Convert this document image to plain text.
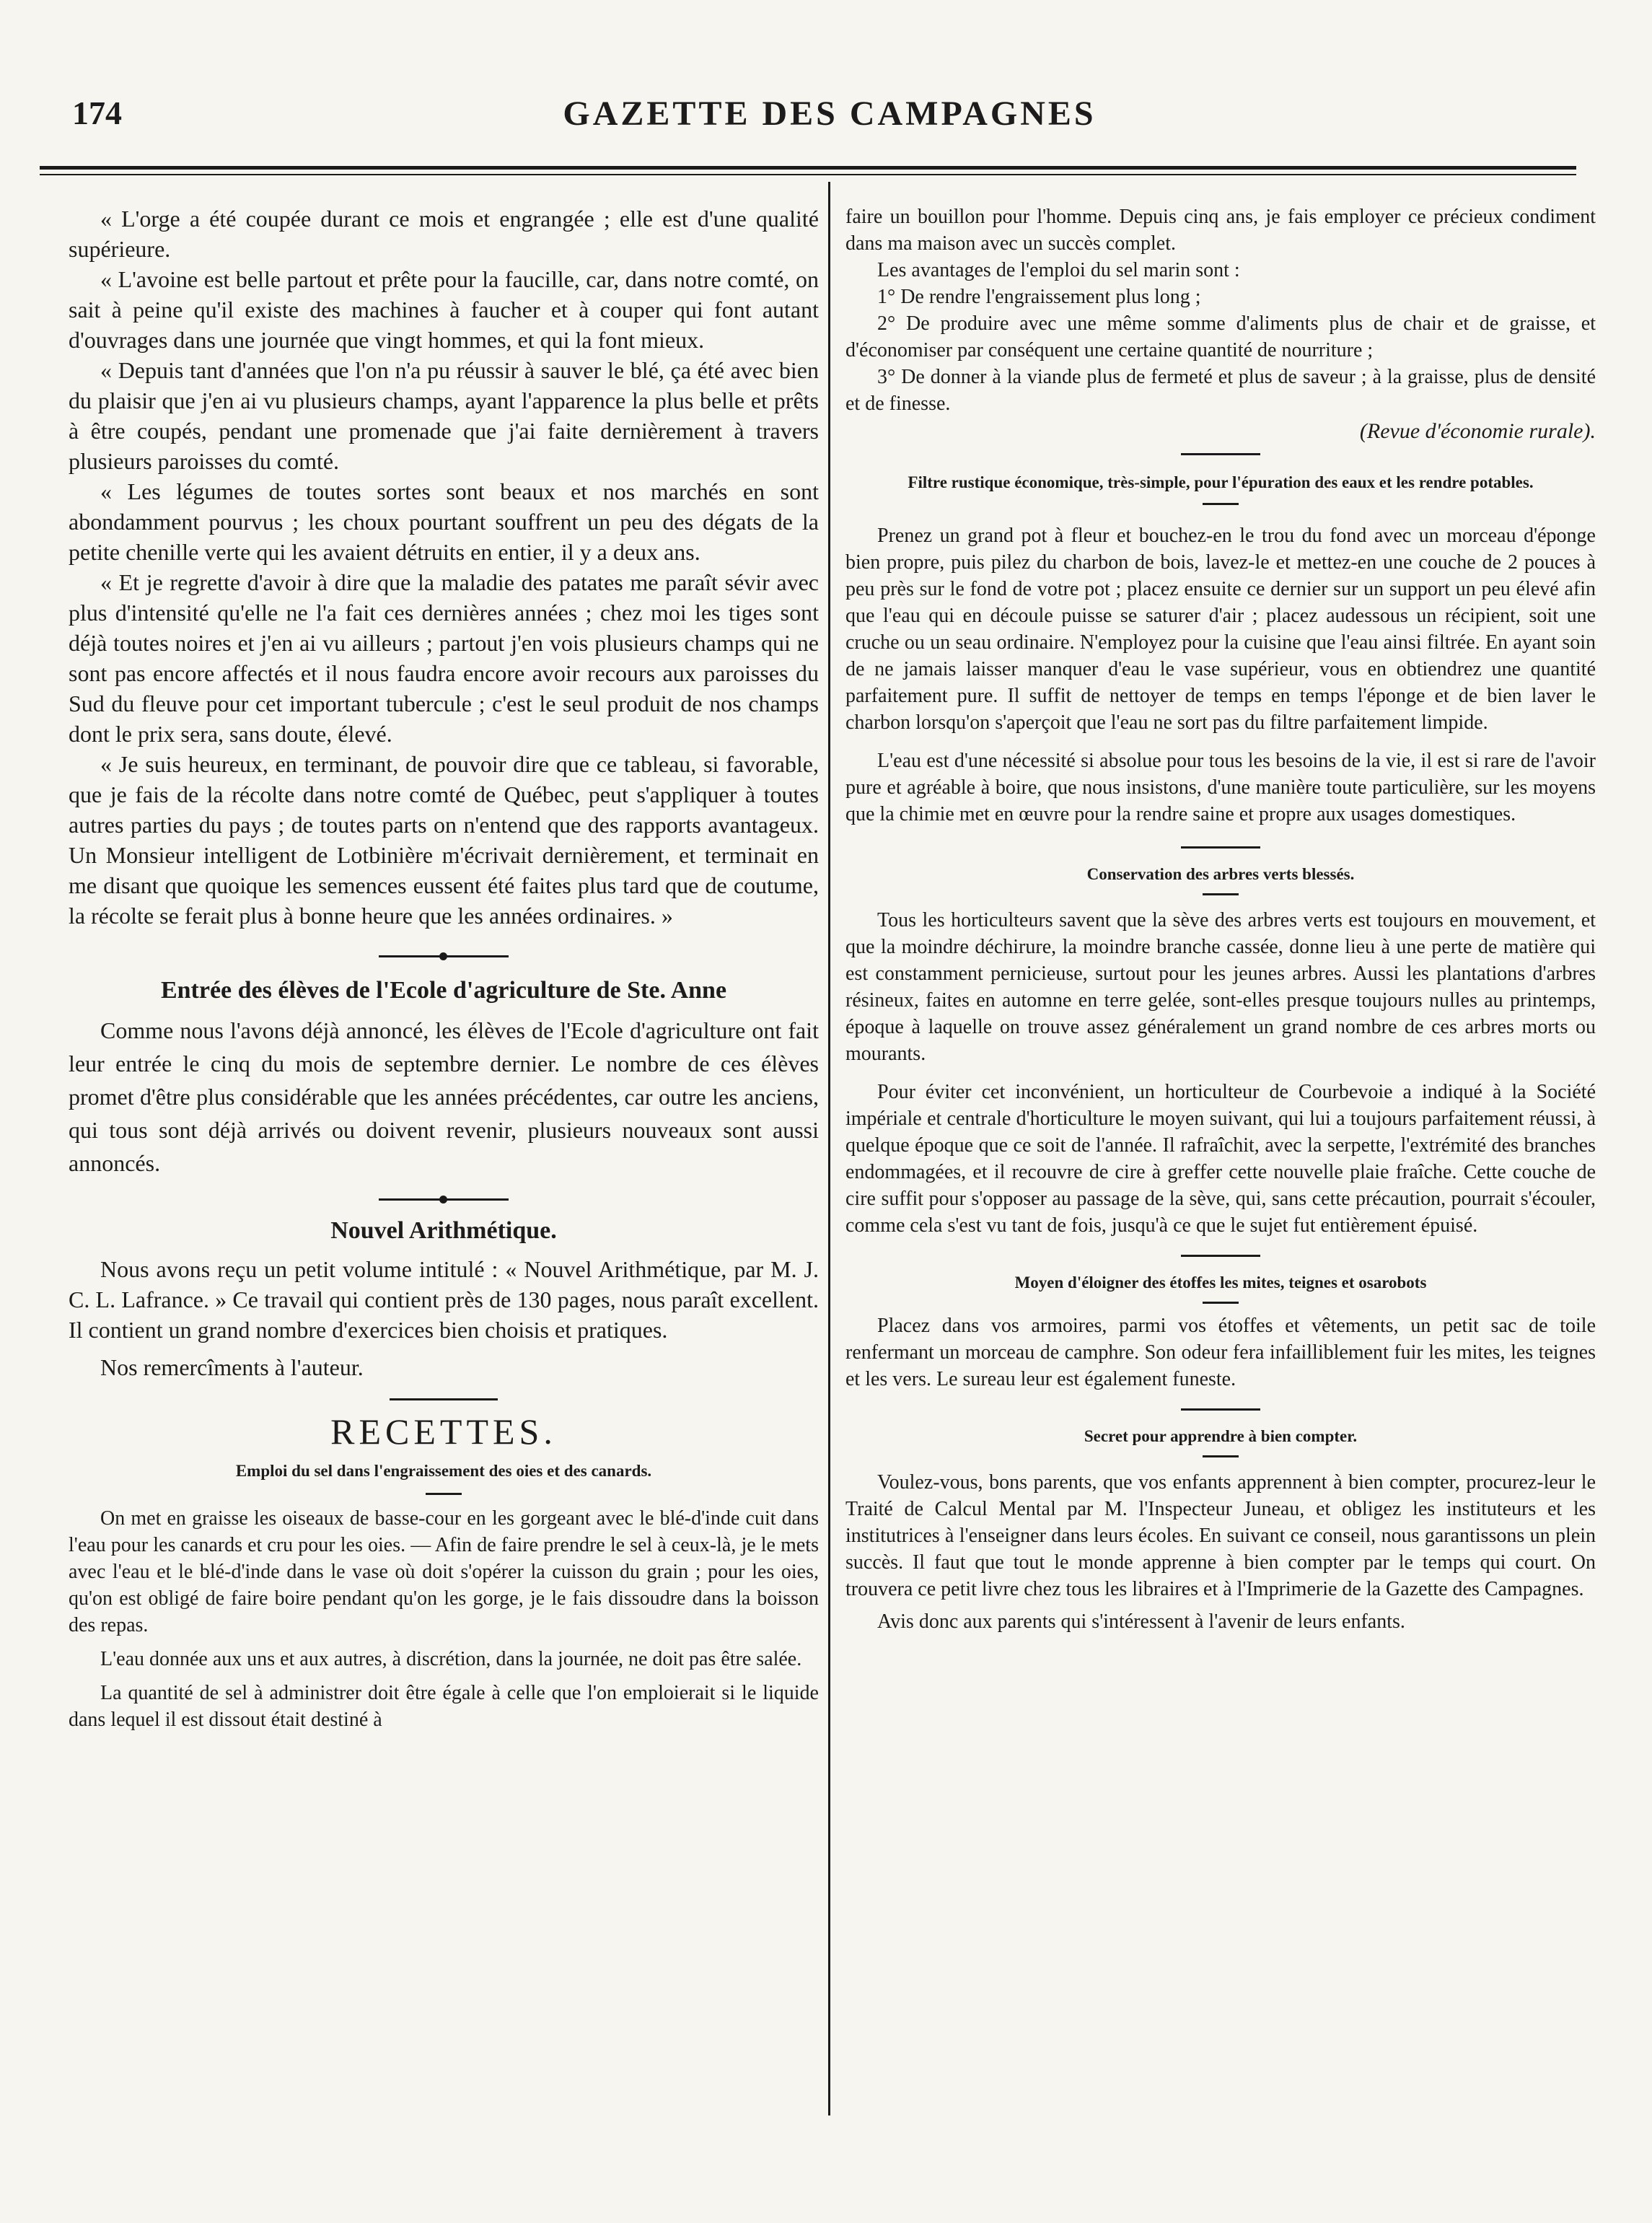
174	GAZETTE DES CAMPAGNES

« L'orge a été coupée durant ce mois et engrangée ; elle est d'une qualité supérieure.

« L'avoine est belle partout et prête pour la faucille, car, dans notre comté, on sait à peine qu'il existe des machines à faucher et à couper qui font autant d'ouvrages dans une journée que vingt hommes, et qui la font mieux.

« Depuis tant d'années que l'on n'a pu réussir à sauver le blé, ça été avec bien du plaisir que j'en ai vu plusieurs champs, ayant l'apparence la plus belle et prêts à être coupés, pendant une promenade que j'ai faite dernièrement à travers plusieurs paroisses du comté.

« Les légumes de toutes sortes sont beaux et nos marchés en sont abondamment pourvus ; les choux pourtant souffrent un peu des dégats de la petite chenille verte qui les avaient détruits en entier, il y a deux ans.

« Et je regrette d'avoir à dire que la maladie des patates me paraît sévir avec plus d'intensité qu'elle ne l'a fait ces dernières années ; chez moi les tiges sont déjà toutes noires et j'en ai vu ailleurs ; partout j'en vois plusieurs champs qui ne sont pas encore affectés et il nous faudra encore avoir recours aux paroisses du Sud du fleuve pour cet important tubercule ; c'est le seul produit de nos champs dont le prix sera, sans doute, élevé.

« Je suis heureux, en terminant, de pouvoir dire que ce tableau, si favorable, que je fais de la récolte dans notre comté de Québec, peut s'appliquer à toutes autres parties du pays ; de toutes parts on n'entend que des rapports avantageux. Un Monsieur intelligent de Lotbinière m'écrivait dernièrement, et terminait en me disant que quoique les semences eussent été faites plus tard que de coutume, la récolte se ferait plus à bonne heure que les années ordinaires. »

Entrée des élèves de l'Ecole d'agriculture de Ste. Anne

Comme nous l'avons déjà annoncé, les élèves de l'Ecole d'agriculture ont fait leur entrée le cinq du mois de septembre dernier. Le nombre de ces élèves promet d'être plus considérable que les années précédentes, car outre les anciens, qui tous sont déjà arrivés ou doivent revenir, plusieurs nouveaux sont aussi annoncés.

Nouvel Arithmétique.

Nous avons reçu un petit volume intitulé : « Nouvel Arithmétique, par M. J. C. L. Lafrance. » Ce travail qui contient près de 130 pages, nous paraît excellent. Il contient un grand nombre d'exercices bien choisis et pratiques.

Nos remercîments à l'auteur.

RECETTES.

Emploi du sel dans l'engraissement des oies et des canards.

On met en graisse les oiseaux de basse-cour en les gorgeant avec le blé-d'inde cuit dans l'eau pour les canards et cru pour les oies. — Afin de faire prendre le sel à ceux-là, je le mets avec l'eau et le blé-d'inde dans le vase où doit s'opérer la cuisson du grain ; pour les oies, qu'on est obligé de faire boire pendant qu'on les gorge, je le fais dissoudre dans la boisson des repas.

L'eau donnée aux uns et aux autres, à discrétion, dans la journée, ne doit pas être salée.

La quantité de sel à administrer doit être égale à celle que l'on emploierait si le liquide dans lequel il est dissout était destiné à

faire un bouillon pour l'homme. Depuis cinq ans, je fais employer ce précieux condiment dans ma maison avec un succès complet.

Les avantages de l'emploi du sel marin sont :

1° De rendre l'engraissement plus long ;

2° De produire avec une même somme d'aliments plus de chair et de graisse, et d'économiser par conséquent une certaine quantité de nourriture ;

3° De donner à la viande plus de fermeté et plus de saveur ; à la graisse, plus de densité et de finesse.

(Revue d'économie rurale).

Filtre rustique économique, très-simple, pour l'épuration des eaux et les rendre potables.

Prenez un grand pot à fleur et bouchez-en le trou du fond avec un morceau d'éponge bien propre, puis pilez du charbon de bois, lavez-le et mettez-en une couche de 2 pouces à peu près sur le fond de votre pot ; placez ensuite ce dernier sur un support un peu élevé afin que l'eau qui en découle puisse se saturer d'air ; placez audessous un récipient, soit une cruche ou un seau ordinaire. N'employez pour la cuisine que l'eau ainsi filtrée. En ayant soin de ne jamais laisser manquer d'eau le vase supérieur, vous en obtiendrez une quantité parfaitement pure. Il suffit de nettoyer de temps en temps l'éponge et de bien laver le charbon lorsqu'on s'aperçoit que l'eau ne sort pas du filtre parfaitement limpide.

L'eau est d'une nécessité si absolue pour tous les besoins de la vie, il est si rare de l'avoir pure et agréable à boire, que nous insistons, d'une manière toute particulière, sur les moyens que la chimie met en œuvre pour la rendre saine et propre aux usages domestiques.

Conservation des arbres verts blessés.

Tous les horticulteurs savent que la sève des arbres verts est toujours en mouvement, et que la moindre déchirure, la moindre branche cassée, donne lieu à une perte de matière qui est constamment pernicieuse, surtout pour les jeunes arbres. Aussi les plantations d'arbres résineux, faites en automne en terre gelée, sont-elles presque toujours nulles au printemps, époque à laquelle on trouve assez généralement un grand nombre de ces arbres morts ou mourants.

Pour éviter cet inconvénient, un horticulteur de Courbevoie a indiqué à la Société impériale et centrale d'horticulture le moyen suivant, qui lui a toujours parfaitement réussi, à quelque époque que ce soit de l'année. Il rafraîchit, avec la serpette, l'extrémité des branches endommagées, et il recouvre de cire à greffer cette nouvelle plaie fraîche. Cette couche de cire suffit pour s'opposer au passage de la sève, qui, sans cette précaution, pourrait s'écouler, comme cela s'est vu tant de fois, jusqu'à ce que le sujet fut entièrement épuisé.

Moyen d'éloigner des étoffes les mites, teignes et osarobots

Placez dans vos armoires, parmi vos étoffes et vêtements, un petit sac de toile renfermant un morceau de camphre. Son odeur fera infailliblement fuir les mites, les teignes et les vers. Le sureau leur est également funeste.

Secret pour apprendre à bien compter.

Voulez-vous, bons parents, que vos enfants apprennent à bien compter, procurez-leur le Traité de Calcul Mental par M. l'Inspecteur Juneau, et obligez les instituteurs et les institutrices à l'enseigner dans leurs écoles. En suivant ce conseil, nous garantissons un plein succès. Il faut que tout le monde apprenne à bien compter par le temps qui court. On trouvera ce petit livre chez tous les libraires et à l'Imprimerie de la Gazette des Campagnes.

Avis donc aux parents qui s'intéressent à l'avenir de leurs enfants.
